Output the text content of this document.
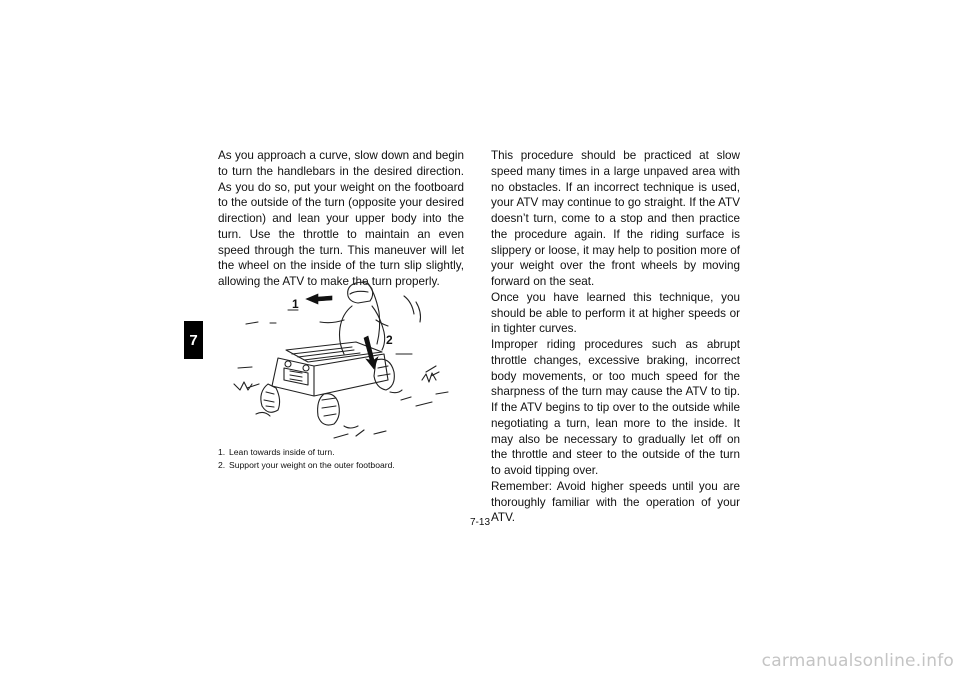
7

As you approach a curve, slow down and begin to turn the handlebars in the desired direction. As you do so, put your weight on the footboard to the outside of the turn (opposite your desired direction) and lean your upper body into the turn. Use the throttle to maintain an even speed through the turn. This maneuver will let the wheel on the inside of the turn slip slightly, allowing the ATV to make the turn properly.

1
2
1. Lean towards inside of turn.
2. Support your weight on the outer footboard.

This procedure should be practiced at slow speed many times in a large unpaved area with no obstacles. If an incorrect technique is used, your ATV may continue to go straight. If the ATV doesn’t turn, come to a stop and then practice the procedure again. If the riding surface is slippery or loose, it may help to position more of your weight over the front wheels by moving forward on the seat.

Once you have learned this technique, you should be able to perform it at higher speeds or in tighter curves.

Improper riding procedures such as abrupt throttle changes, excessive braking, incorrect body movements, or too much speed for the sharpness of the turn may cause the ATV to tip. If the ATV begins to tip over to the outside while negotiating a turn, lean more to the inside. It may also be necessary to gradually let off on the throttle and steer to the outside of the turn to avoid tipping over.

Remember: Avoid higher speeds until you are thoroughly familiar with the operation of your ATV.

7-13
carmanualsonline.info
